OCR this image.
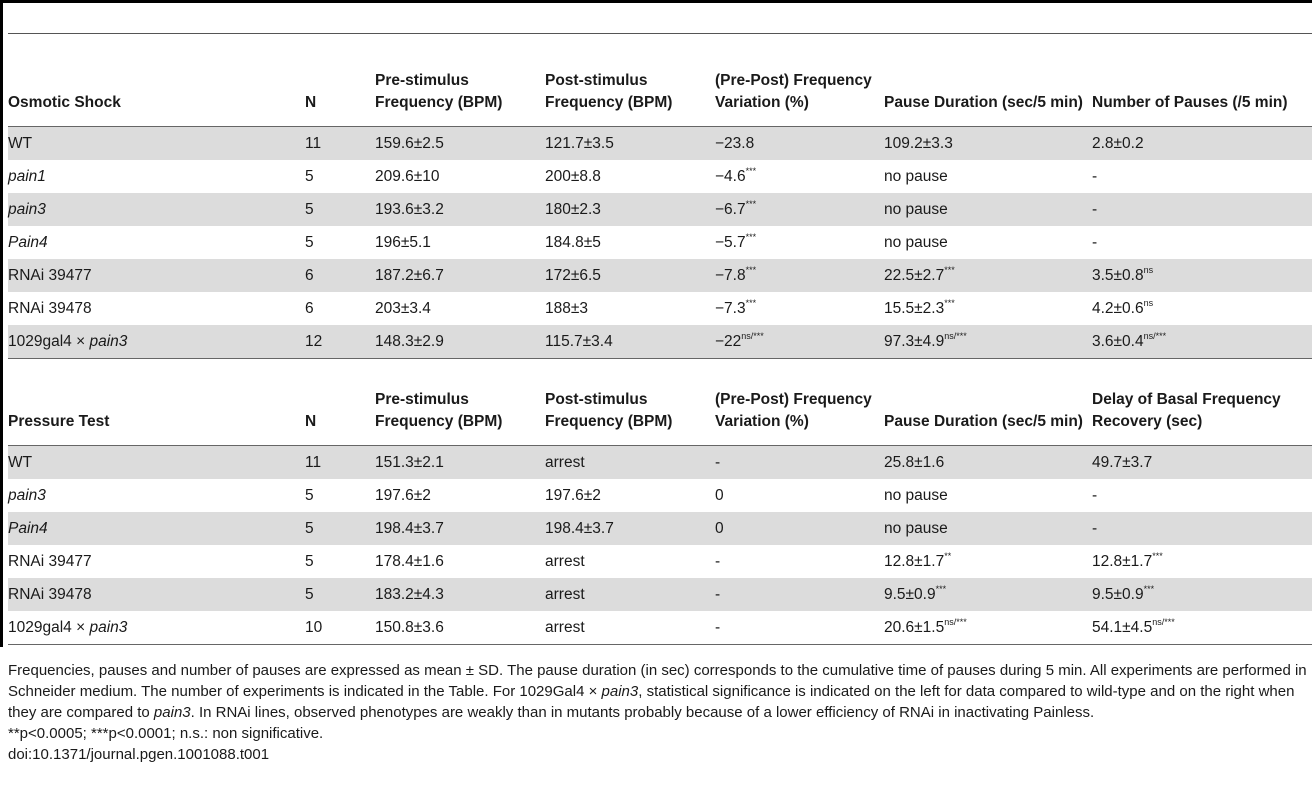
Osmotic Shock	N	Pre-stimulus Frequency (BPM)	Post-stimulus Frequency (BPM)	(Pre-Post) Frequency Variation (%)	Pause Duration (sec/5 min)	Number of Pauses (/5 min)
WT	11	159.6±2.5	121.7±3.5	−23.8	109.2±3.3	2.8±0.2
pain1	5	209.6±10	200±8.8	−4.6***	no pause	-
pain3	5	193.6±3.2	180±2.3	−6.7***	no pause	-
Pain4	5	196±5.1	184.8±5	−5.7***	no pause	-
RNAi 39477	6	187.2±6.7	172±6.5	−7.8***	22.5±2.7***	$3.5\pm 0.8^{ns}$
RNAi 39478	6	203±3.4	188±3	−7.3***	15.5±2.3***	$4.2\pm 0.6^{ns}$
1029gal4 × pain3	12	148.3±2.9	115.7±3.4	$-22^{ns/***}$	$97.3\pm 4.9^{ns/***}$	$3.6\pm 0.4^{ns/***}$
Pressure Test	N	Pre-stimulus Frequency (BPM)	Post-stimulus Frequency (BPM)	(Pre-Post) Frequency Variation (%)	Pause Duration (sec/5 min)	Delay of Basal Frequency Recovery (sec)
WT	11	151.3±2.1	arrest	-	25.8±1.6	49.7±3.7
pain3	5	197.6±2	197.6±2	0	no pause	-
Pain4	5	198.4±3.7	198.4±3.7	0	no pause	-
RNAi 39477	5	178.4±1.6	arrest	-	12.8±1.7**	12.8±1.7***
RNAi 39478	5	183.2±4.3	arrest	-	9.5±0.9***	9.5±0.9***
1029gal4 × pain3	10	150.8±3.6	arrest	-	$20.6\pm 1.5^{ns/***}$	$54.1\pm 4.5^{ns/***}$

Frequencies, pauses and number of pauses are expressed as mean ± SD. The pause duration (in sec) corresponds to the cumulative time of pauses during 5 min. All experiments are performed in Schneider medium. The number of experiments is indicated in the Table. For 1029Gal4 × pain3, statistical significance is indicated on the left for data compared to wild-type and on the right when they are compared to pain3. In RNAi lines, observed phenotypes are weakly than in mutants probably because of a lower efficiency of RNAi in inactivating Painless.

**p<0.0005; ***p<0.0001; n.s.: non significative.

doi:10.1371/journal.pgen.1001088.t001
